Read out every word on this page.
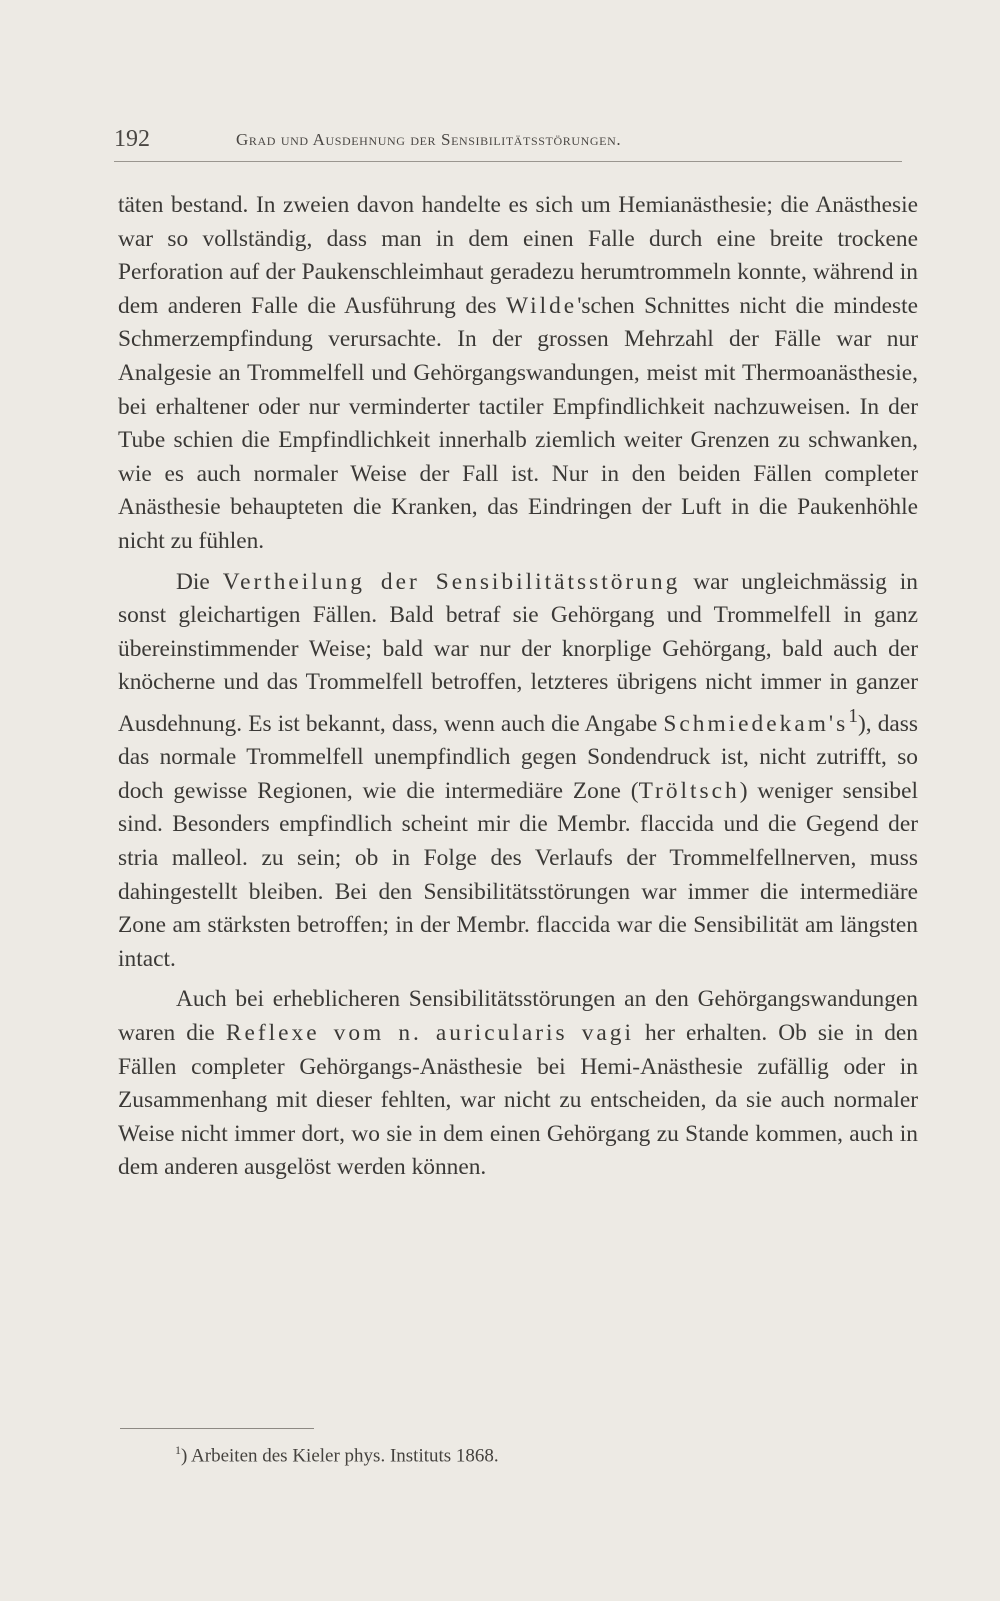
192	Grad und Ausdehnung der Sensibilitätsstörungen.

täten bestand. In zweien davon handelte es sich um Hemianästhesie; die Anästhesie war so vollständig, dass man in dem einen Falle durch eine breite trockene Perforation auf der Paukenschleimhaut geradezu herumtrommeln konnte, während in dem anderen Falle die Ausführung des Wilde'schen Schnittes nicht die mindeste Schmerzempfindung verursachte. In der grossen Mehrzahl der Fälle war nur Analgesie an Trommelfell und Gehörgangswandungen, meist mit Thermoanästhesie, bei erhaltener oder nur verminderter tactiler Empfindlichkeit nachzuweisen. In der Tube schien die Empfindlichkeit innerhalb ziemlich weiter Grenzen zu schwanken, wie es auch normaler Weise der Fall ist. Nur in den beiden Fällen completer Anästhesie behaupteten die Kranken, das Eindringen der Luft in die Paukenhöhle nicht zu fühlen.

Die Vertheilung der Sensibilitätsstörung war ungleichmässig in sonst gleichartigen Fällen. Bald betraf sie Gehörgang und Trommelfell in ganz übereinstimmender Weise; bald war nur der knorplige Gehörgang, bald auch der knöcherne und das Trommelfell betroffen, letzteres übrigens nicht immer in ganzer Ausdehnung. Es ist bekannt, dass, wenn auch die Angabe $Schmiedekam's^1$), dass das normale Trommelfell unempfindlich gegen Sondendruck ist, nicht zutrifft, so doch gewisse Regionen, wie die intermediäre Zone (Tröltsch) weniger sensibel sind. Besonders empfindlich scheint mir die Membr. flaccida und die Gegend der stria malleol. zu sein; ob in Folge des Verlaufs der Trommelfellnerven, muss dahingestellt bleiben. Bei den Sensibilitätsstörungen war immer die intermediäre Zone am stärksten betroffen; in der Membr. flaccida war die Sensibilität am längsten intact.

Auch bei erheblicheren Sensibilitätsstörungen an den Gehörgangswandungen waren die Reflexe vom n. auricularis vagi her erhalten. Ob sie in den Fällen completer Gehörgangs-Anästhesie bei Hemi-Anästhesie zufällig oder in Zusammenhang mit dieser fehlten, war nicht zu entscheiden, da sie auch normaler Weise nicht immer dort, wo sie in dem einen Gehörgang zu Stande kommen, auch in dem anderen ausgelöst werden können.

$^1$) Arbeiten des Kieler phys. Instituts 1868.
